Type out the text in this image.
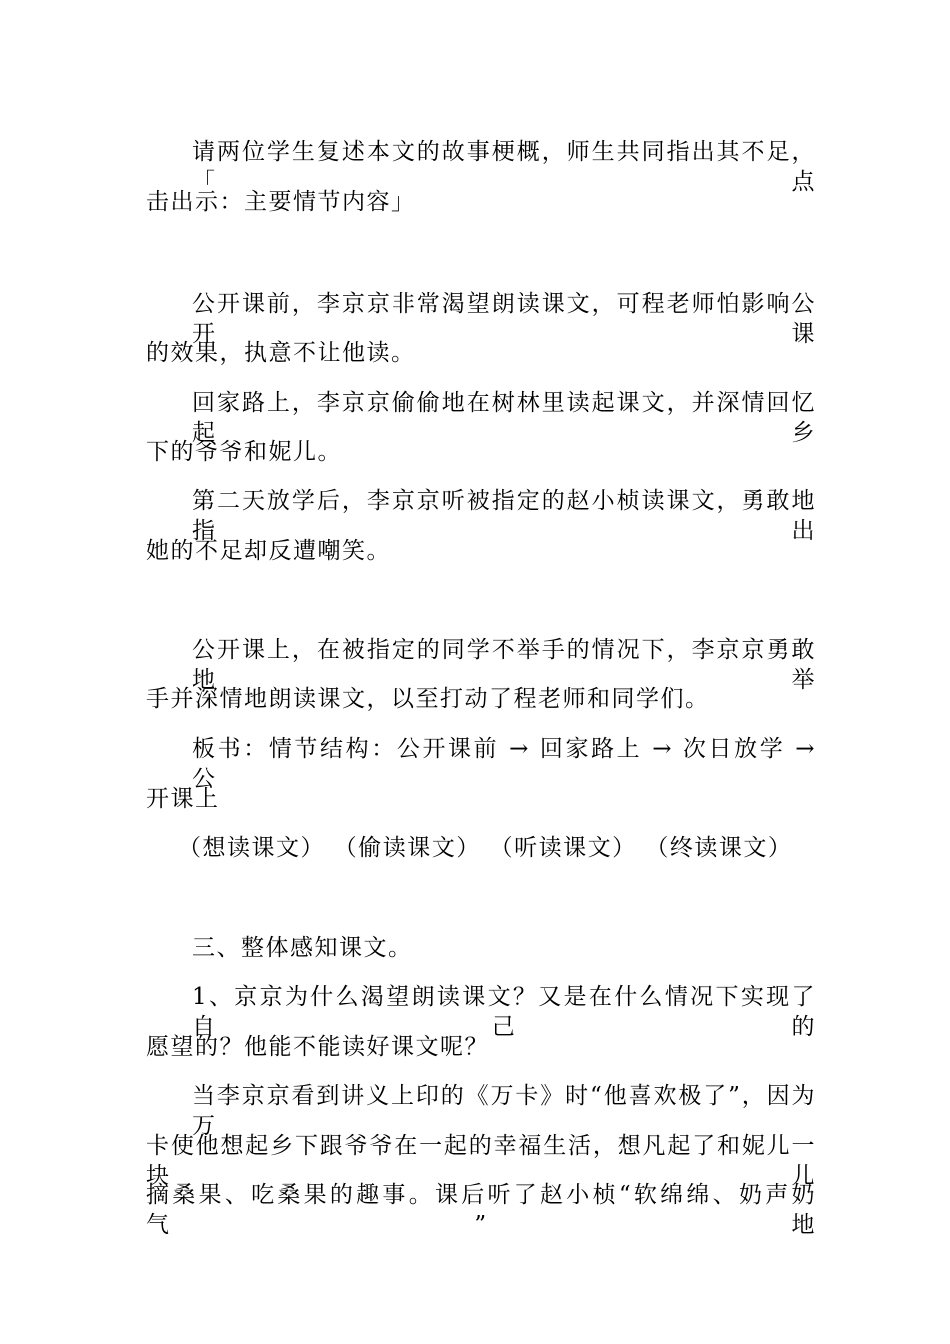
请两位学生复述本文的故事梗概，师生共同指出其不足，「点
击出示：主要情节内容」
公开课前，李京京非常渴望朗读课文，可程老师怕影响公开课
的效果，执意不让他读。
回家路上，李京京偷偷地在树林里读起课文，并深情回忆起乡
下的爷爷和妮儿。
第二天放学后，李京京听被指定的赵小桢读课文，勇敢地指出
她的不足却反遭嘲笑。
公开课上，在被指定的同学不举手的情况下，李京京勇敢地举
手并深情地朗读课文，以至打动了程老师和同学们。
板书：情节结构：公开课前 → 回家路上 → 次日放学 → 公
开课上
（想读课文） （偷读课文） （听读课文） （终读课文）
三、整体感知课文。
1、京京为什么渴望朗读课文？又是在什么情况下实现了自己的
愿望的？他能不能读好课文呢？
当李京京看到讲义上印的《万卡》时“他喜欢极了”，因为万
卡使他想起乡下跟爷爷在一起的幸福生活，想凡起了和妮儿一块儿
摘桑果、吃桑果的趣事。课后听了赵小桢“软绵绵、奶声奶气”地
